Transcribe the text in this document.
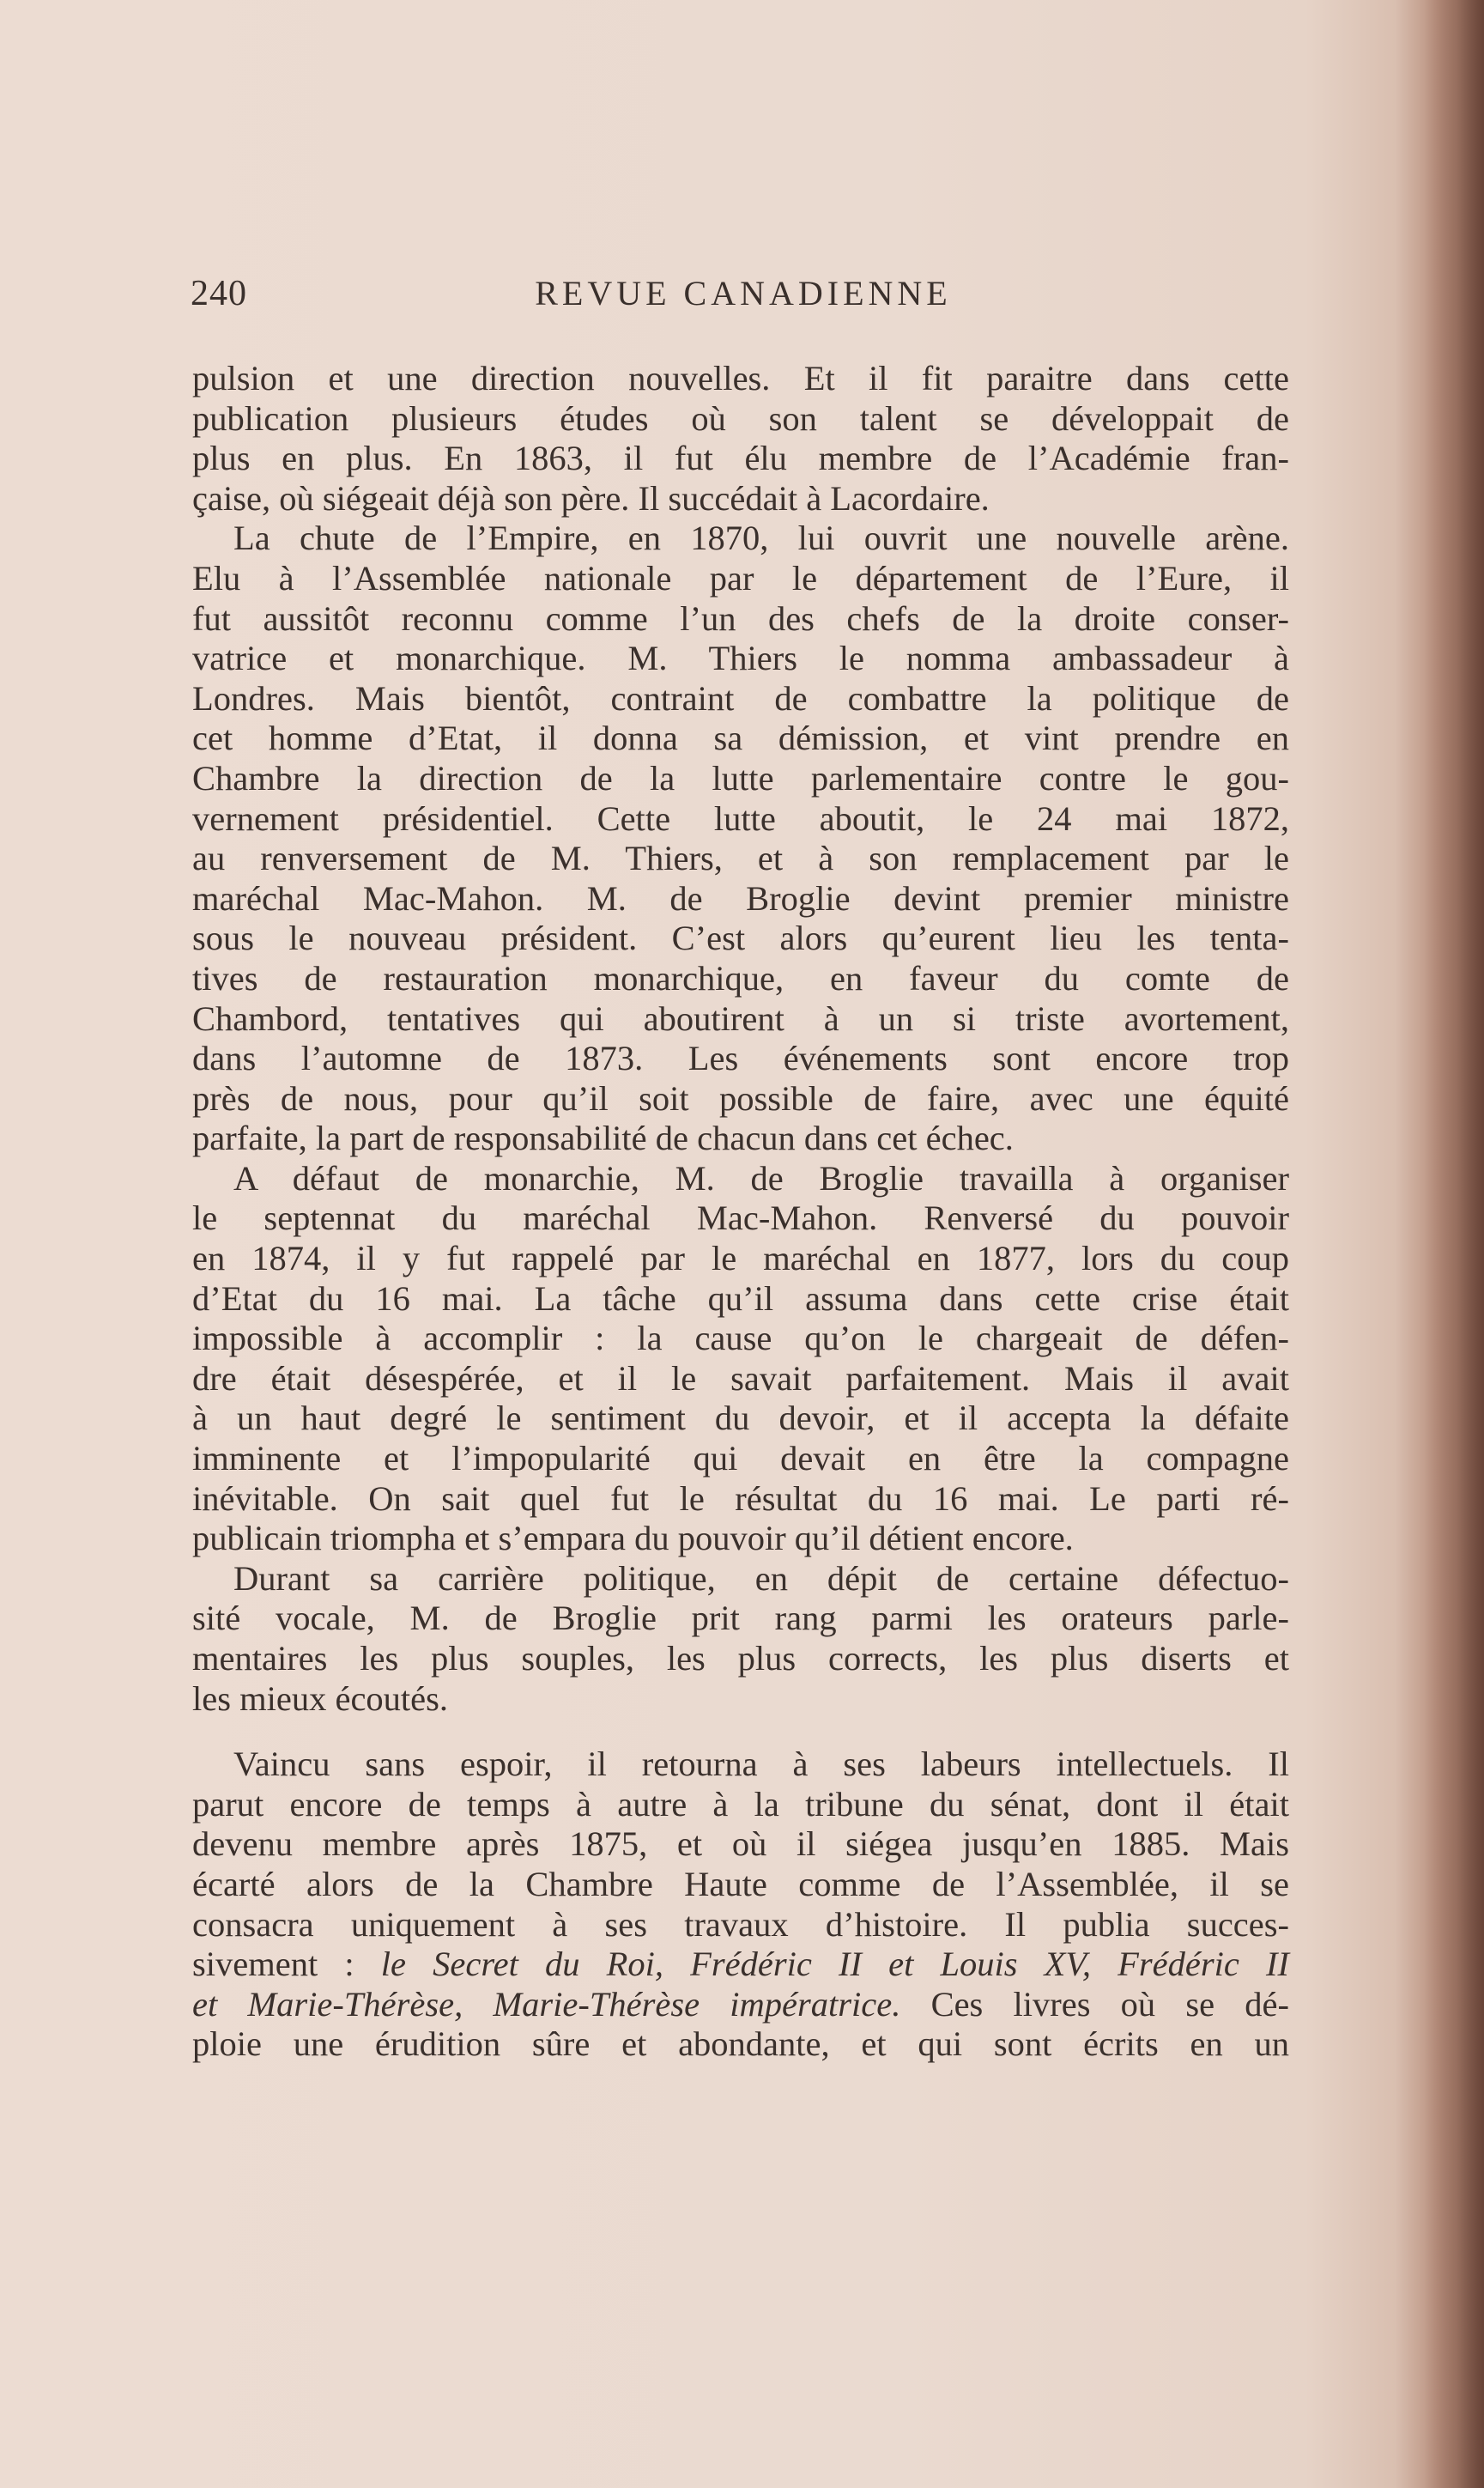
240	REVUE CANADIENNE

pulsion et une direction nouvelles. Et il fit paraitre dans cette
publication plusieurs études où son talent se développait de
plus en plus. En 1863, il fut élu membre de l’Académie fran-
çaise, où siégeait déjà son père. Il succédait à Lacordaire.

La chute de l’Empire, en 1870, lui ouvrit une nouvelle arène.
Elu à l’Assemblée nationale par le département de l’Eure, il
fut aussitôt reconnu comme l’un des chefs de la droite conser-
vatrice et monarchique. M. Thiers le nomma ambassadeur à
Londres. Mais bientôt, contraint de combattre la politique de
cet homme d’Etat, il donna sa démission, et vint prendre en
Chambre la direction de la lutte parlementaire contre le gou-
vernement présidentiel. Cette lutte aboutit, le 24 mai 1872,
au renversement de M. Thiers, et à son remplacement par le
maréchal Mac-Mahon. M. de Broglie devint premier ministre
sous le nouveau président. C’est alors qu’eurent lieu les tenta-
tives de restauration monarchique, en faveur du comte de
Chambord, tentatives qui aboutirent à un si triste avortement,
dans l’automne de 1873. Les événements sont encore trop
près de nous, pour qu’il soit possible de faire, avec une équité
parfaite, la part de responsabilité de chacun dans cet échec.

A défaut de monarchie, M. de Broglie travailla à organiser
le septennat du maréchal Mac-Mahon. Renversé du pouvoir
en 1874, il y fut rappelé par le maréchal en 1877, lors du coup
d’Etat du 16 mai. La tâche qu’il assuma dans cette crise était
impossible à accomplir : la cause qu’on le chargeait de défen-
dre était désespérée, et il le savait parfaitement. Mais il avait
à un haut degré le sentiment du devoir, et il accepta la défaite
imminente et l’impopularité qui devait en être la compagne
inévitable. On sait quel fut le résultat du 16 mai. Le parti ré-
publicain triompha et s’empara du pouvoir qu’il détient encore.

Durant sa carrière politique, en dépit de certaine défectuo-
sité vocale, M. de Broglie prit rang parmi les orateurs parle-
mentaires les plus souples, les plus corrects, les plus diserts et
les mieux écoutés.

Vaincu sans espoir, il retourna à ses labeurs intellectuels. Il
parut encore de temps à autre à la tribune du sénat, dont il était
devenu membre après 1875, et où il siégea jusqu’en 1885. Mais
écarté alors de la Chambre Haute comme de l’Assemblée, il se
consacra uniquement à ses travaux d’histoire. Il publia succes-
sivement : le Secret du Roi, Frédéric II et Louis XV, Frédéric II
et Marie-Thérèse, Marie-Thérèse impératrice. Ces livres où se dé-
ploie une érudition sûre et abondante, et qui sont écrits en un
